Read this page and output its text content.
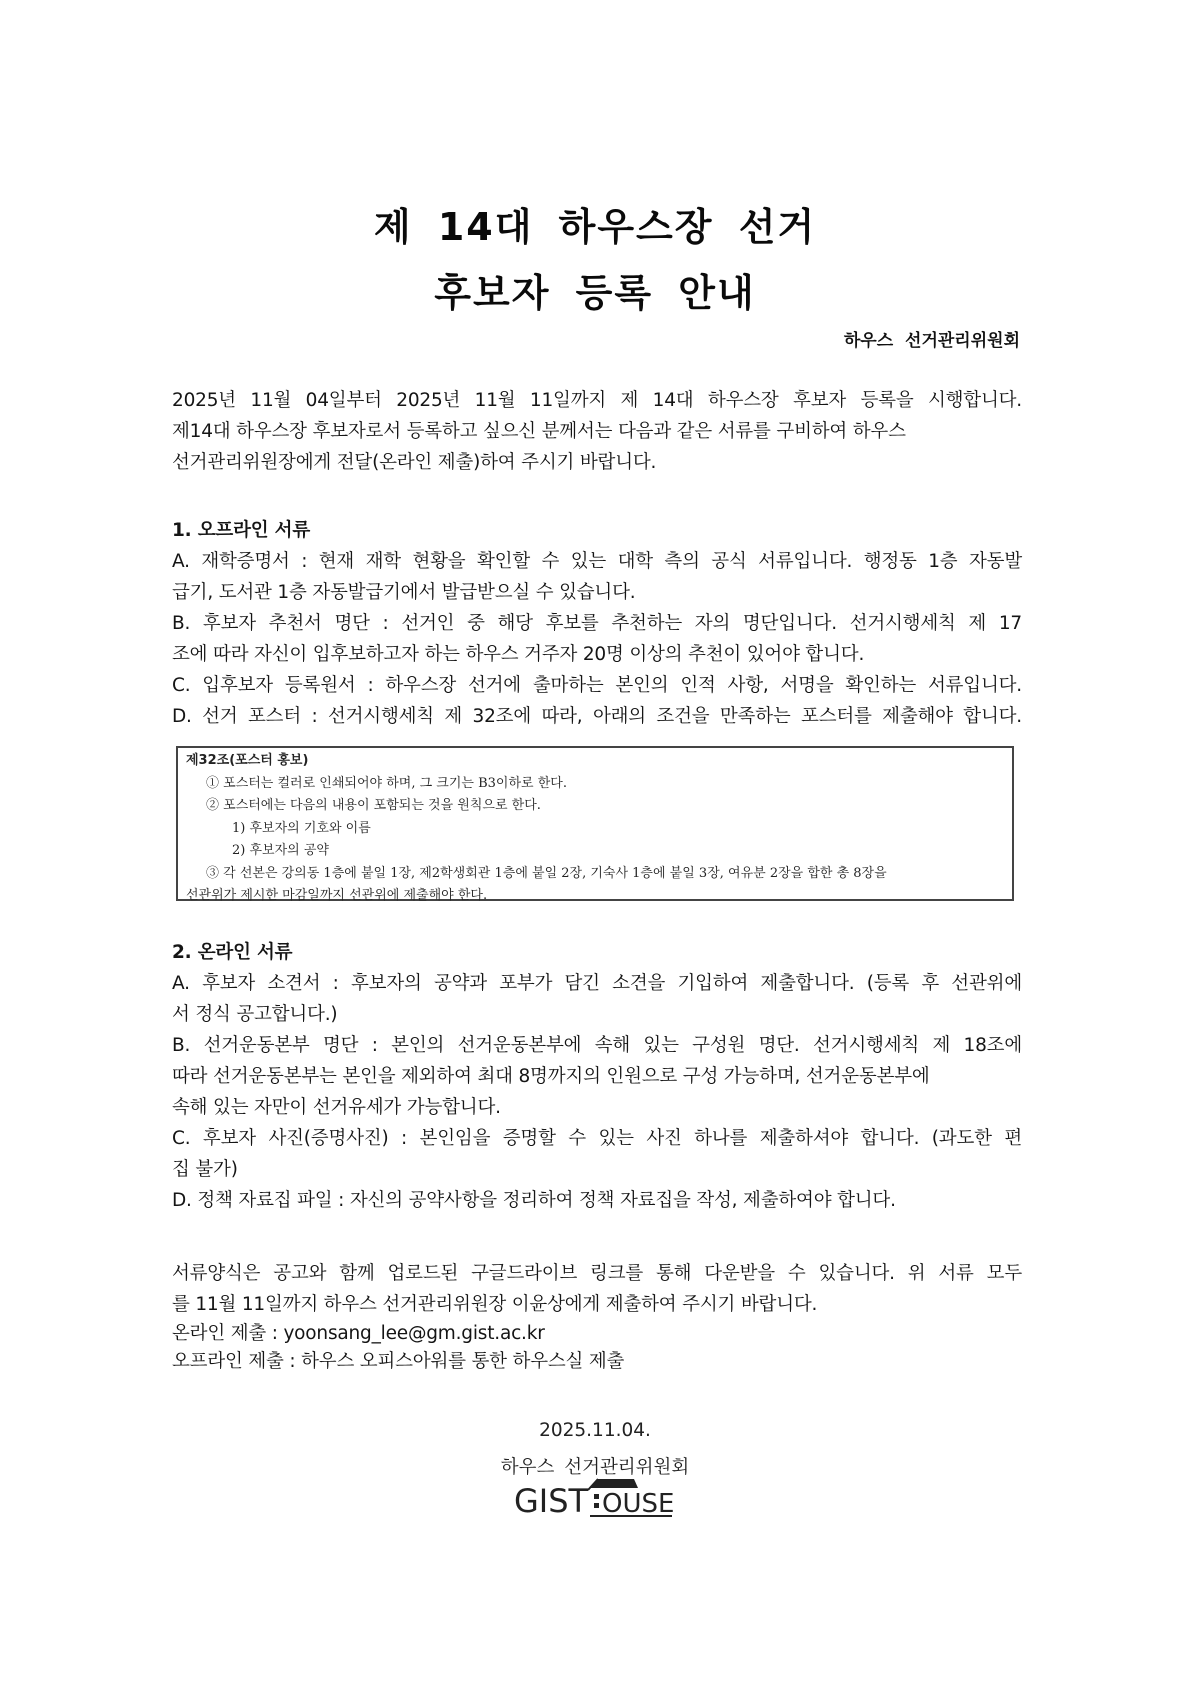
제 14대 하우스장 선거
후보자 등록 안내
하우스 선거관리위원회

2025년 11월 04일부터 2025년 11월 11일까지 제 14대 하우스장 후보자 등록을 시행합니다.

제14대 하우스장 후보자로서 등록하고 싶으신 분께서는 다음과 같은 서류를 구비하여 하우스

선거관리위원장에게 전달(온라인 제출)하여 주시기 바랍니다.

1. 오프라인 서류

A. 재학증명서 : 현재 재학 현황을 확인할 수 있는 대학 측의 공식 서류입니다. 행정동 1층 자동발

급기, 도서관 1층 자동발급기에서 발급받으실 수 있습니다.

B. 후보자 추천서 명단 : 선거인 중 해당 후보를 추천하는 자의 명단입니다. 선거시행세칙 제 17

조에 따라 자신이 입후보하고자 하는 하우스 거주자 20명 이상의 추천이 있어야 합니다.

C. 입후보자 등록원서 : 하우스장 선거에 출마하는 본인의 인적 사항, 서명을 확인하는 서류입니다.

D. 선거 포스터 : 선거시행세칙 제 32조에 따라, 아래의 조건을 만족하는 포스터를 제출해야 합니다.

제32조(포스터 홍보)

① 포스터는 컬러로 인쇄되어야 하며, 그 크기는 B3이하로 한다.

② 포스터에는 다음의 내용이 포함되는 것을 원칙으로 한다.

1) 후보자의 기호와 이름

2) 후보자의 공약

③ 각 선본은 강의동 1층에 붙일 1장, 제2학생회관 1층에 붙일 2장, 기숙사 1층에 붙일 3장, 여유분 2장을 합한 총 8장을

선관위가 제시한 마감일까지 선관위에 제출해야 한다.

2. 온라인 서류

A. 후보자 소견서 : 후보자의 공약과 포부가 담긴 소견을 기입하여 제출합니다. (등록 후 선관위에

서 정식 공고합니다.)

B. 선거운동본부 명단 : 본인의 선거운동본부에 속해 있는 구성원 명단. 선거시행세칙 제 18조에

따라 선거운동본부는 본인을 제외하여 최대 8명까지의 인원으로 구성 가능하며, 선거운동본부에

속해 있는 자만이 선거유세가 가능합니다.

C. 후보자 사진(증명사진) : 본인임을 증명할 수 있는 사진 하나를 제출하셔야 합니다. (과도한 편

집 불가)

D. 정책 자료집 파일 : 자신의 공약사항을 정리하여 정책 자료집을 작성, 제출하여야 합니다.

서류양식은 공고와 함께 업로드된 구글드라이브 링크를 통해 다운받을 수 있습니다. 위 서류 모두

를 11월 11일까지 하우스 선거관리위원장 이윤상에게 제출하여 주시기 바랍니다.

온라인 제출 : yoonsang_lee@gm.gist.ac.kr

오프라인 제출 : 하우스 오피스아워를 통한 하우스실 제출

2025.11.04.
하우스 선거관리위원회
GIST OUSE
